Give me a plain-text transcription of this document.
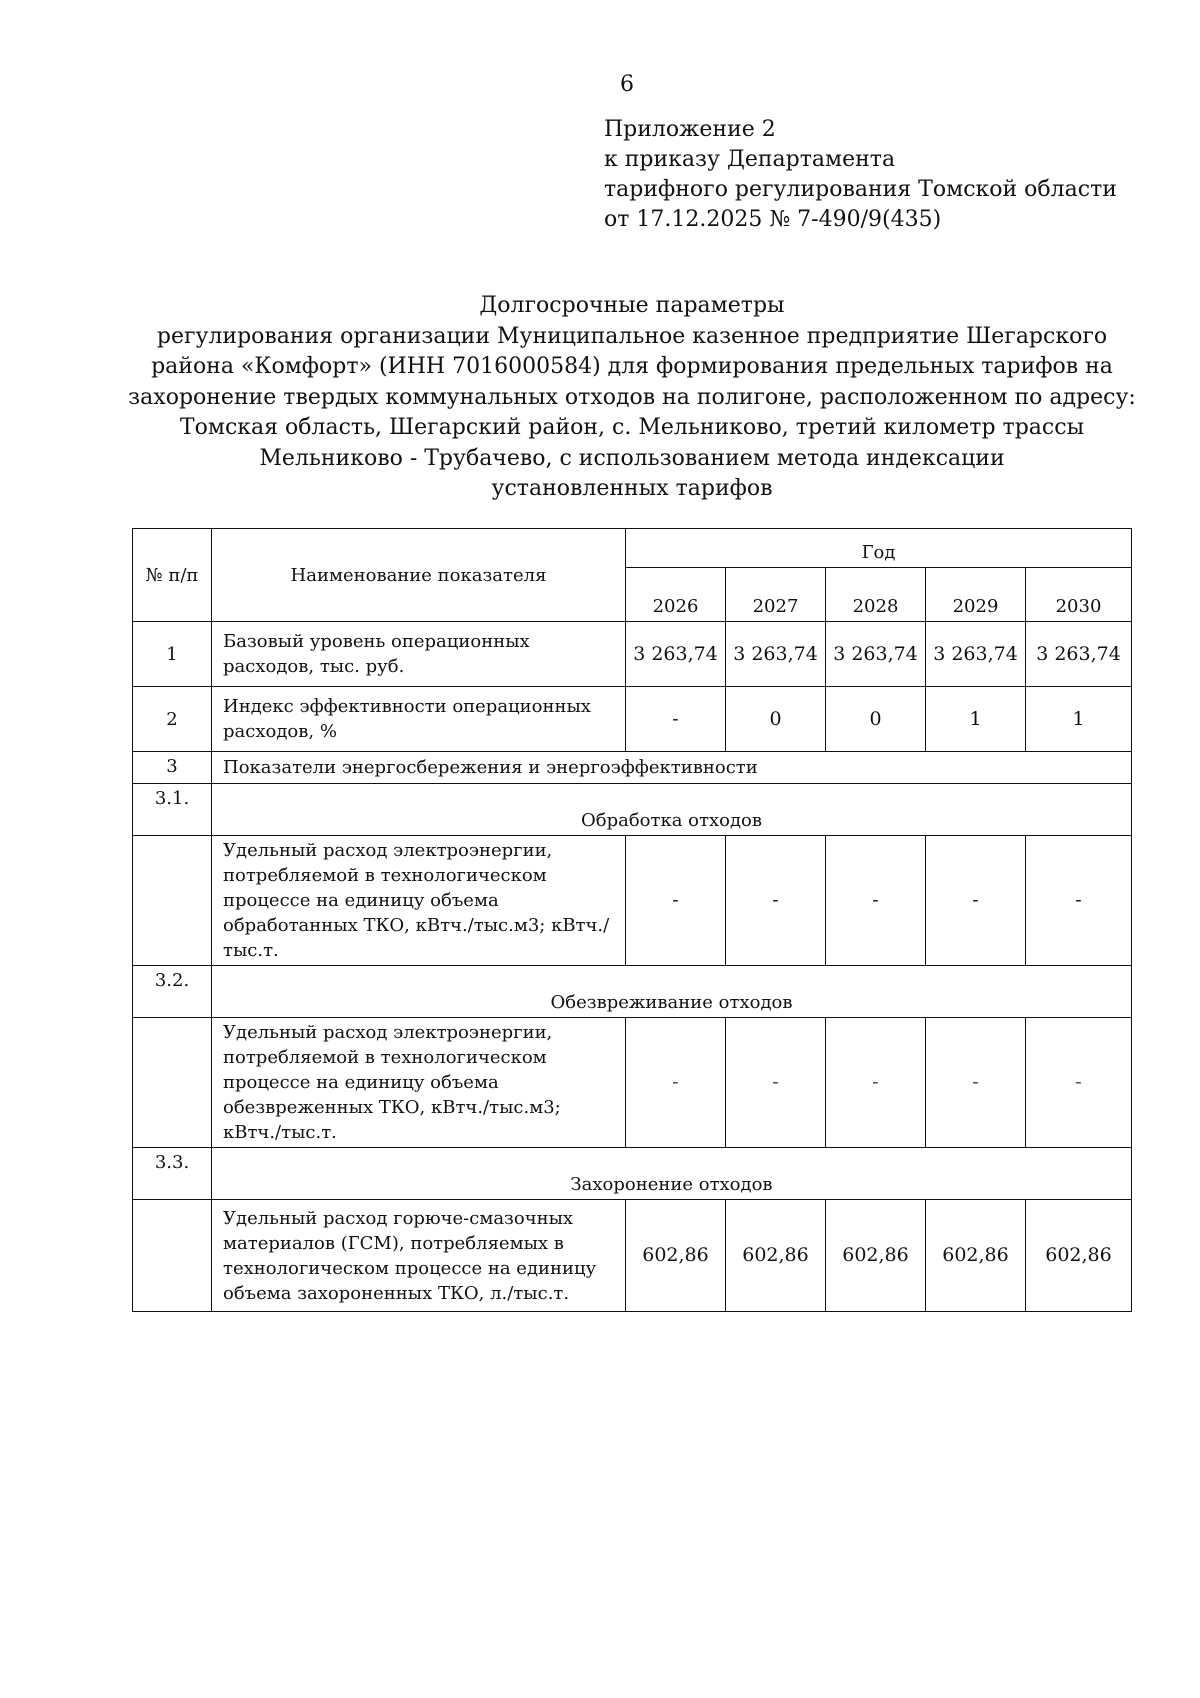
6
Приложение 2
к приказу Департамента
тарифного регулирования Томской области
от 17.12.2025 № 7-490/9(435)
Долгосрочные параметры
регулирования организации Муниципальное казенное предприятие Шегарского
района «Комфорт» (ИНН 7016000584) для формирования предельных тарифов на
захоронение твердых коммунальных отходов на полигоне, расположенном по адресу:
Томская область, Шегарский район, с. Мельниково, третий километр трассы
Мельниково - Трубачево, с использованием метода индексации
установленных тарифов
№ п/п	Наименование показателя	Год				
		2026	2027	2028	2029	2030
1	Базовый уровень операционных расходов, тыс. руб.	3 263,74	3 263,74	3 263,74	3 263,74	3 263,74
2	Индекс эффективности операционных расходов, %	-	0	0	1	1
3	Показатели энергосбережения и энергоэффективности					
3.1.	Обработка отходов					
	Удельный расход электроэнергии, потребляемой в технологическом процессе на единицу объема обработанных ТКО, кВтч./тыс.м3; кВтч./тыс.т.	-	-	-	-	-
3.2.	Обезвреживание отходов					
	Удельный расход электроэнергии, потребляемой в технологическом процессе на единицу объема обезвреженных ТКО, кВтч./тыс.м3; кВтч./тыс.т.	-	-	-	-	-
3.3.	Захоронение отходов					
	Удельный расход горюче-смазочных материалов (ГСМ), потребляемых в технологическом процессе на единицу объема захороненных ТКО, л./тыс.т.	602,86	602,86	602,86	602,86	602,86
